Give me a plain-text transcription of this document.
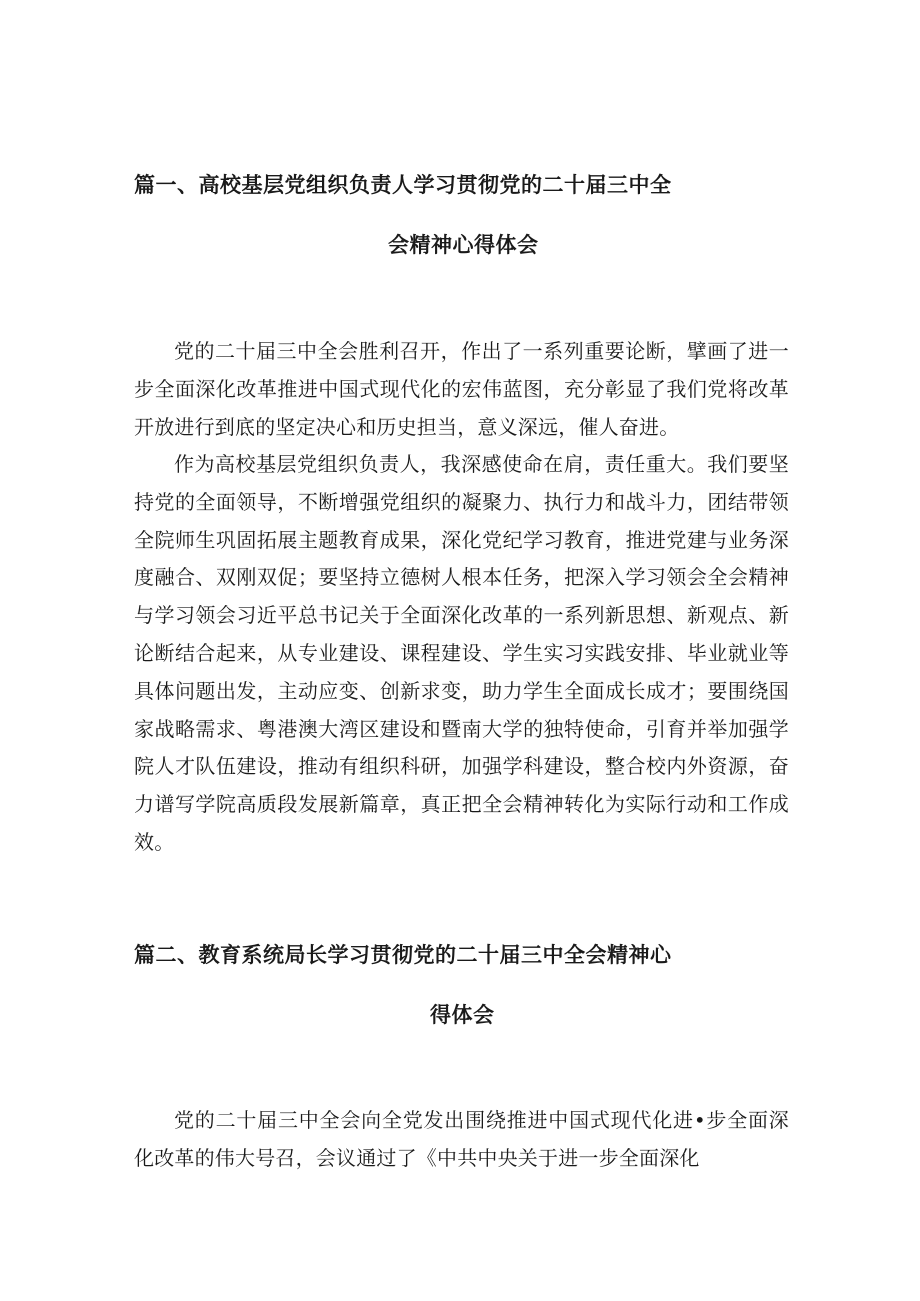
篇一、高校基层党组织负责人学习贯彻党的二十届三中全
会精神心得体会

党的二十届三中全会胜利召开，作出了一系列重要论断，擘画了进一步全面深化改革推进中国式现代化的宏伟蓝图，充分彰显了我们党将改革开放进行到底的坚定决心和历史担当，意义深远，催人奋进。

作为高校基层党组织负责人，我深感使命在肩，责任重大。我们要坚持党的全面领导，不断增强党组织的凝聚力、执行力和战斗力，团结带领全院师生巩固拓展主题教育成果，深化党纪学习教育，推进党建与业务深度融合、双刚双促；要坚持立德树人根本任务，把深入学习领会全会精神与学习领会习近平总书记关于全面深化改革的一系列新思想、新观点、新论断结合起来，从专业建设、课程建设、学生实习实践安排、毕业就业等具体问题出发，主动应变、创新求变，助力学生全面成长成才；要围绕国家战略需求、粤港澳大湾区建设和暨南大学的独特使命，引育并举加强学院人才队伍建设，推动有组织科研，加强学科建设，整合校内外资源，奋力谱写学院高质段发展新篇章，真正把全会精神转化为实际行动和工作成效。

篇二、教育系统局长学习贯彻党的二十届三中全会精神心
得体会

党的二十届三中全会向全党发出围绕推进中国式现代化进•步全面深化改革的伟大号召，会议通过了《中共中央关于进一步全面深化
